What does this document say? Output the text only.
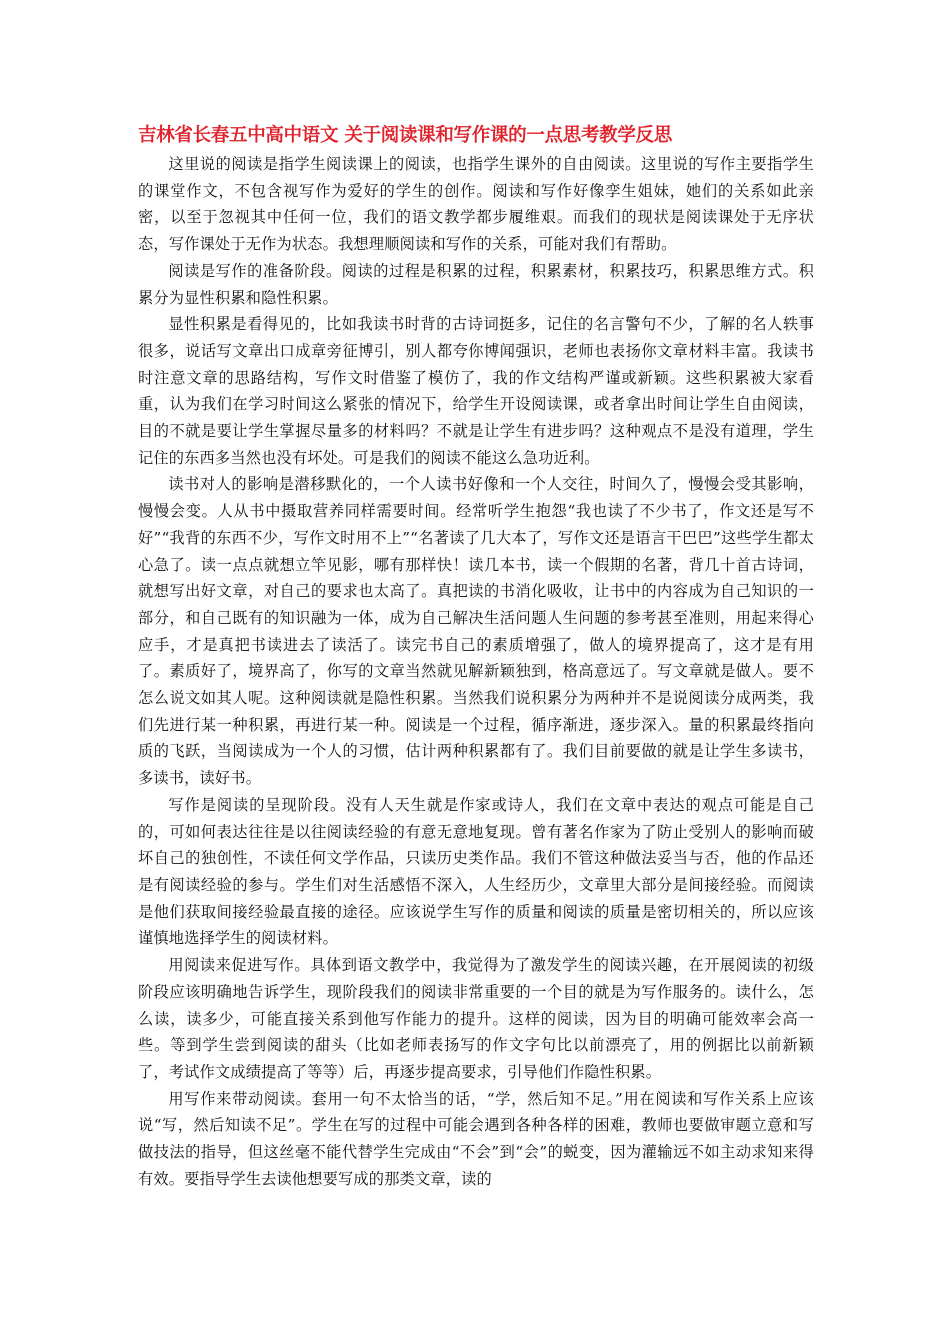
吉林省长春五中高中语文 关于阅读课和写作课的一点思考教学反思

这里说的阅读是指学生阅读课上的阅读，也指学生课外的自由阅读。这里说的写作主要指学生的课堂作文，不包含视写作为爱好的学生的创作。阅读和写作好像孪生姐妹，她们的关系如此亲密，以至于忽视其中任何一位，我们的语文教学都步履维艰。而我们的现状是阅读课处于无序状态，写作课处于无作为状态。我想理顺阅读和写作的关系，可能对我们有帮助。

阅读是写作的准备阶段。阅读的过程是积累的过程，积累素材，积累技巧，积累思维方式。积累分为显性积累和隐性积累。

显性积累是看得见的，比如我读书时背的古诗词挺多，记住的名言警句不少，了解的名人轶事很多，说话写文章出口成章旁征博引，别人都夸你博闻强识，老师也表扬你文章材料丰富。我读书时注意文章的思路结构，写作文时借鉴了模仿了，我的作文结构严谨或新颖。这些积累被大家看重，认为我们在学习时间这么紧张的情况下，给学生开设阅读课，或者拿出时间让学生自由阅读，目的不就是要让学生掌握尽量多的材料吗？不就是让学生有进步吗？这种观点不是没有道理，学生记住的东西多当然也没有坏处。可是我们的阅读不能这么急功近利。

读书对人的影响是潜移默化的，一个人读书好像和一个人交往，时间久了，慢慢会受其影响，慢慢会变。人从书中摄取营养同样需要时间。经常听学生抱怨“我也读了不少书了，作文还是写不好”“我背的东西不少，写作文时用不上”“名著读了几大本了，写作文还是语言干巴巴”这些学生都太心急了。读一点点就想立竿见影，哪有那样快！读几本书，读一个假期的名著，背几十首古诗词，就想写出好文章，对自己的要求也太高了。真把读的书消化吸收，让书中的内容成为自己知识的一部分，和自己既有的知识融为一体，成为自己解决生活问题人生问题的参考甚至准则，用起来得心应手，才是真把书读进去了读活了。读完书自己的素质增强了，做人的境界提高了，这才是有用了。素质好了，境界高了，你写的文章当然就见解新颖独到，格高意远了。写文章就是做人。要不怎么说文如其人呢。这种阅读就是隐性积累。当然我们说积累分为两种并不是说阅读分成两类，我们先进行某一种积累，再进行某一种。阅读是一个过程，循序渐进，逐步深入。量的积累最终指向质的飞跃，当阅读成为一个人的习惯，估计两种积累都有了。我们目前要做的就是让学生多读书，多读书，读好书。

写作是阅读的呈现阶段。没有人天生就是作家或诗人，我们在文章中表达的观点可能是自己的，可如何表达往往是以往阅读经验的有意无意地复现。曾有著名作家为了防止受别人的影响而破坏自己的独创性，不读任何文学作品，只读历史类作品。我们不管这种做法妥当与否，他的作品还是有阅读经验的参与。学生们对生活感悟不深入，人生经历少，文章里大部分是间接经验。而阅读是他们获取间接经验最直接的途径。应该说学生写作的质量和阅读的质量是密切相关的，所以应该谨慎地选择学生的阅读材料。

用阅读来促进写作。具体到语文教学中，我觉得为了激发学生的阅读兴趣，在开展阅读的初级阶段应该明确地告诉学生，现阶段我们的阅读非常重要的一个目的就是为写作服务的。读什么，怎么读，读多少，可能直接关系到他写作能力的提升。这样的阅读，因为目的明确可能效率会高一些。等到学生尝到阅读的甜头（比如老师表扬写的作文字句比以前漂亮了，用的例据比以前新颖了，考试作文成绩提高了等等）后，再逐步提高要求，引导他们作隐性积累。

用写作来带动阅读。套用一句不太恰当的话，“学，然后知不足。”用在阅读和写作关系上应该说“写，然后知读不足”。学生在写的过程中可能会遇到各种各样的困难，教师也要做审题立意和写做技法的指导，但这丝毫不能代替学生完成由“不会”到“会”的蜕变，因为灌输远不如主动求知来得有效。要指导学生去读他想要写成的那类文章，读的
